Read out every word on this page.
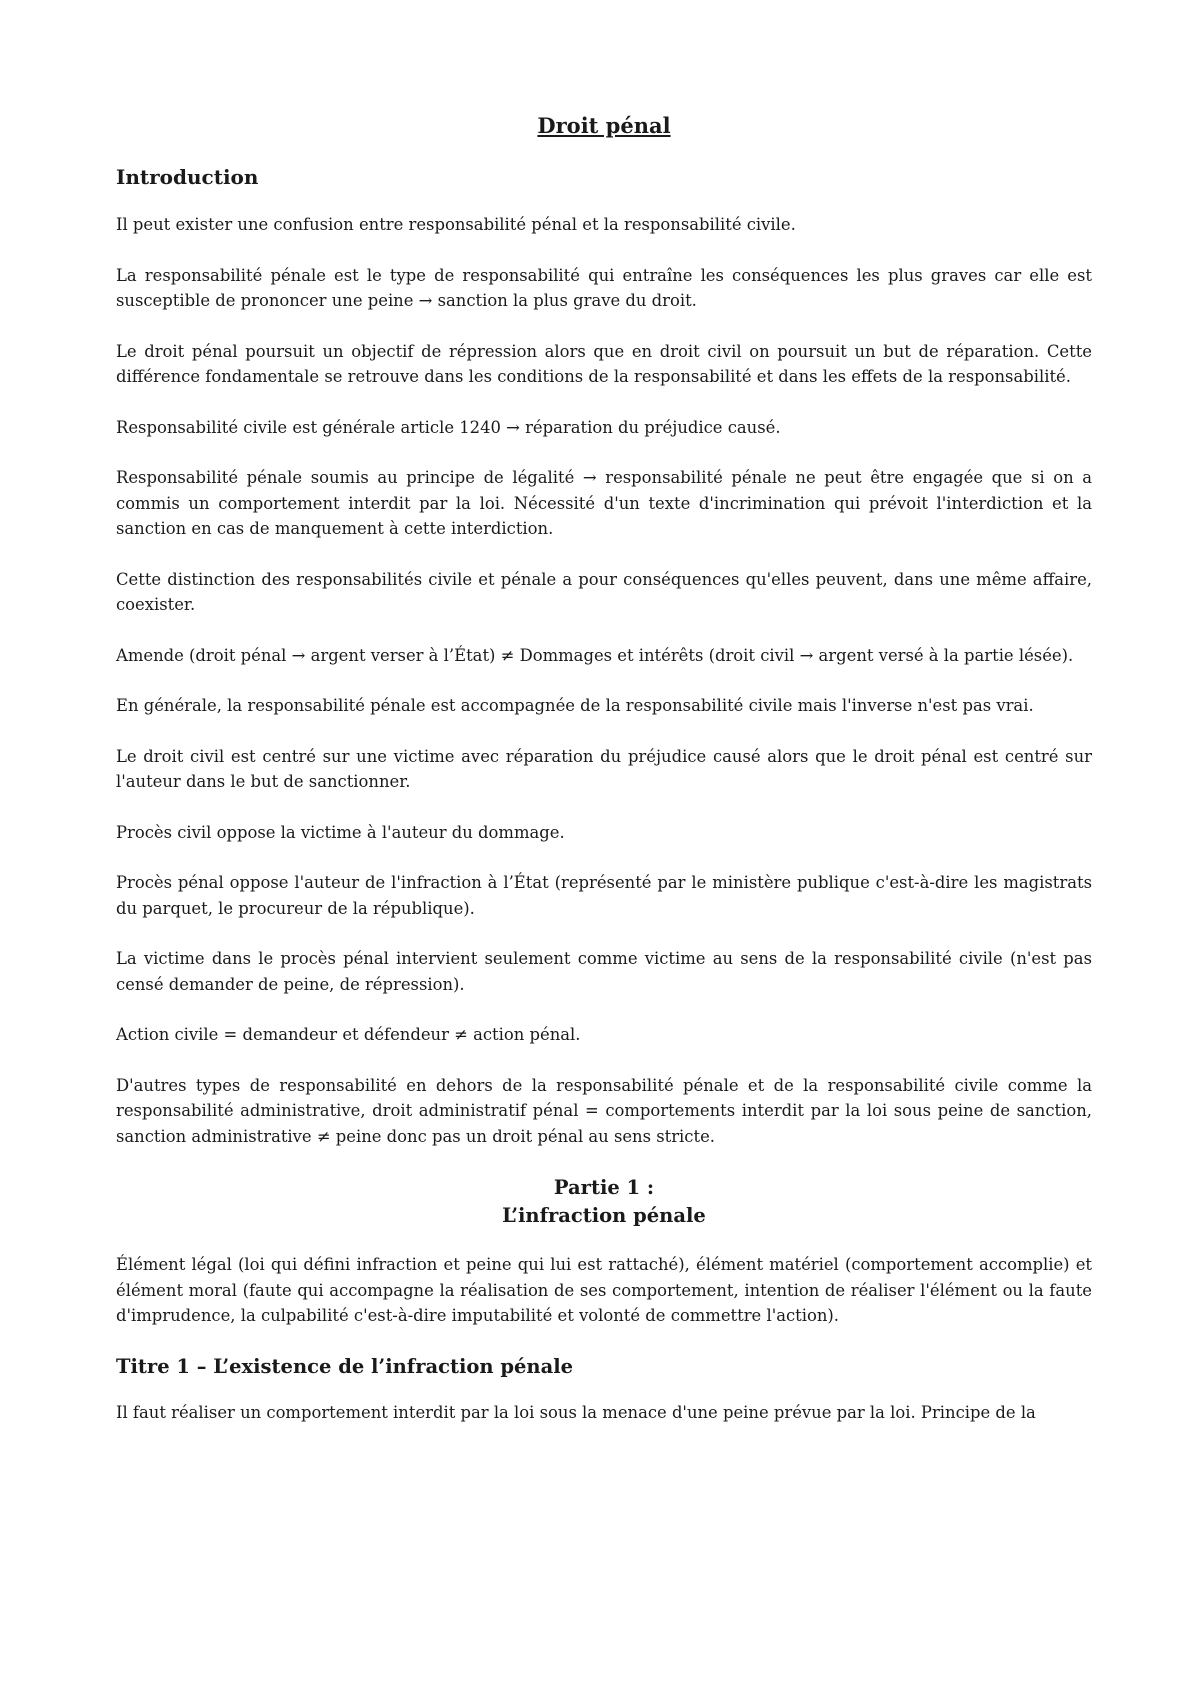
Droit pénal
Introduction

Il peut exister une confusion entre responsabilité pénal et la responsabilité civile.

La responsabilité pénale est le type de responsabilité qui entraîne les conséquences les plus graves car elle est susceptible de prononcer une peine → sanction la plus grave du droit.

Le droit pénal poursuit un objectif de répression alors que en droit civil on poursuit un but de réparation. Cette différence fondamentale se retrouve dans les conditions de la responsabilité et dans les effets de la responsabilité.

Responsabilité civile est générale article 1240 → réparation du préjudice causé.

Responsabilité pénale soumis au principe de légalité → responsabilité pénale ne peut être engagée que si on a commis un comportement interdit par la loi. Nécessité d'un texte d'incrimination qui prévoit l'interdiction et la sanction en cas de manquement à cette interdiction.

Cette distinction des responsabilités civile et pénale a pour conséquences qu'elles peuvent, dans une même affaire, coexister.

Amende (droit pénal → argent verser à l’État) ≠ Dommages et intérêts (droit civil → argent versé à la partie lésée).

En générale, la responsabilité pénale est accompagnée de la responsabilité civile mais l'inverse n'est pas vrai.

Le droit civil est centré sur une victime avec réparation du préjudice causé alors que le droit pénal est centré sur l'auteur dans le but de sanctionner.

Procès civil oppose la victime à l'auteur du dommage.

Procès pénal oppose l'auteur de l'infraction à l’État (représenté par le ministère publique c'est-à-dire les magistrats du parquet, le procureur de la république).

La victime dans le procès pénal intervient seulement comme victime au sens de la responsabilité civile (n'est pas censé demander de peine, de répression).

Action civile = demandeur et défendeur ≠ action pénal.

D'autres types de responsabilité en dehors de la responsabilité pénale et de la responsabilité civile comme la responsabilité administrative, droit administratif pénal = comportements interdit par la loi sous peine de sanction, sanction administrative ≠ peine donc pas un droit pénal au sens stricte.

Partie 1 :
L’infraction pénale

Élément légal (loi qui défini infraction et peine qui lui est rattaché), élément matériel (comportement accomplie) et élément moral (faute qui accompagne la réalisation de ses comportement, intention de réaliser l'élément ou la faute d'imprudence, la culpabilité c'est-à-dire imputabilité et volonté de commettre l'action).

Titre 1 – L’existence de l’infraction pénale

Il faut réaliser un comportement interdit par la loi sous la menace d'une peine prévue par la loi. Principe de la
